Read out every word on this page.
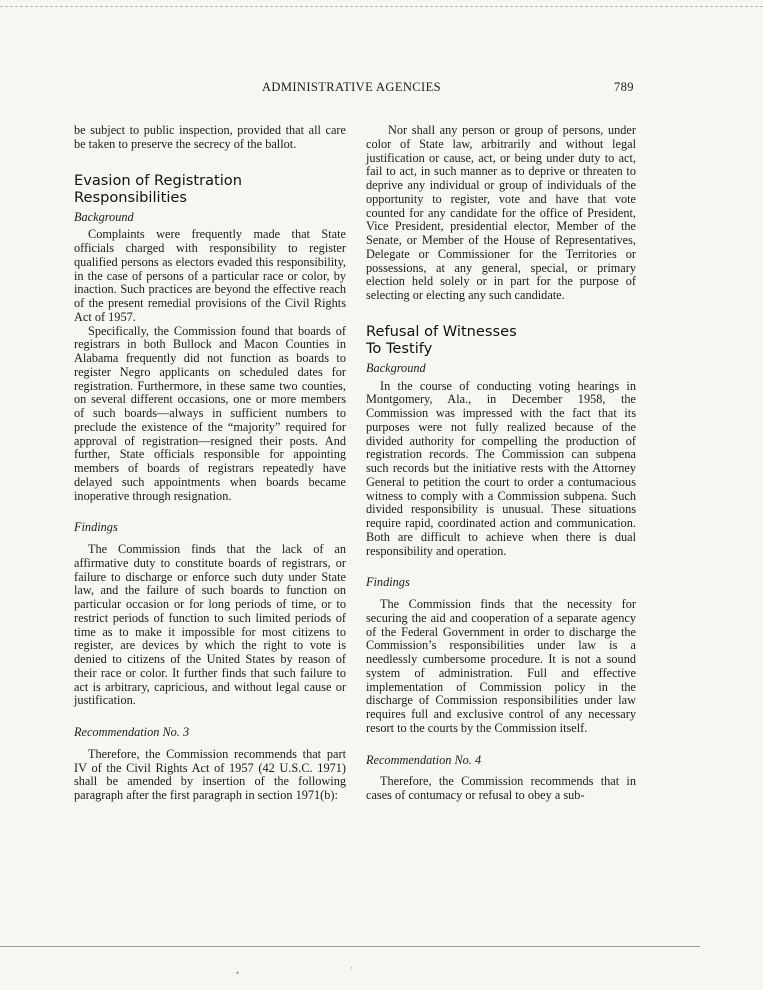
ADMINISTRATIVE AGENCIES	789

be subject to public inspection, provided that all care be taken to preserve the secrecy of the ballot.

Evasion of Registration
Responsibilities
Background

Complaints were frequently made that State officials charged with responsibility to register qualified persons as electors evaded this responsibility, in the case of persons of a particular race or color, by inaction. Such practices are beyond the effective reach of the present remedial provisions of the Civil Rights Act of 1957.

Specifically, the Commission found that boards of registrars in both Bullock and Macon Counties in Alabama frequently did not function as boards to register Negro applicants on scheduled dates for registration. Furthermore, in these same two counties, on several different occasions, one or more members of such boards—always in sufficient numbers to preclude the existence of the “majority” required for approval of registration—resigned their posts. And further, State officials responsible for appointing members of boards of registrars repeatedly have delayed such appointments when boards became inoperative through resignation.

Findings

The Commission finds that the lack of an affirmative duty to constitute boards of registrars, or failure to discharge or enforce such duty under State law, and the failure of such boards to function on particular occasion or for long periods of time, or to restrict periods of function to such limited periods of time as to make it impossible for most citizens to register, are devices by which the right to vote is denied to citizens of the United States by reason of their race or color. It further finds that such failure to act is arbitrary, capricious, and without legal cause or justification.

Recommendation No. 3

Therefore, the Commission recommends that part IV of the Civil Rights Act of 1957 (42 U.S.C. 1971) shall be amended by insertion of the following paragraph after the first paragraph in section 1971(b):

Nor shall any person or group of persons, under color of State law, arbitrarily and without legal justification or cause, act, or being under duty to act, fail to act, in such manner as to deprive or threaten to deprive any individual or group of individuals of the opportunity to register, vote and have that vote counted for any candidate for the office of President, Vice President, presidential elector, Member of the Senate, or Member of the House of Representatives, Delegate or Commissioner for the Territories or possessions, at any general, special, or primary election held solely or in part for the purpose of selecting or electing any such candidate.

Refusal of Witnesses
To Testify
Background

In the course of conducting voting hearings in Montgomery, Ala., in December 1958, the Commission was impressed with the fact that its purposes were not fully realized because of the divided authority for compelling the production of registration records. The Commission can subpena such records but the initiative rests with the Attorney General to petition the court to order a contumacious witness to comply with a Commission subpena. Such divided responsibility is unusual. These situations require rapid, coordinated action and communication. Both are difficult to achieve when there is dual responsibility and operation.

Findings

The Commission finds that the necessity for securing the aid and cooperation of a separate agency of the Federal Government in order to discharge the Commission’s responsibilities under law is a needlessly cumbersome procedure. It is not a sound system of administration. Full and effective implementation of Commission policy in the discharge of Commission responsibilities under law requires full and exclusive control of any necessary resort to the courts by the Commission itself.

Recommendation No. 4

Therefore, the Commission recommends that in cases of contumacy or refusal to obey a sub-

•	·
